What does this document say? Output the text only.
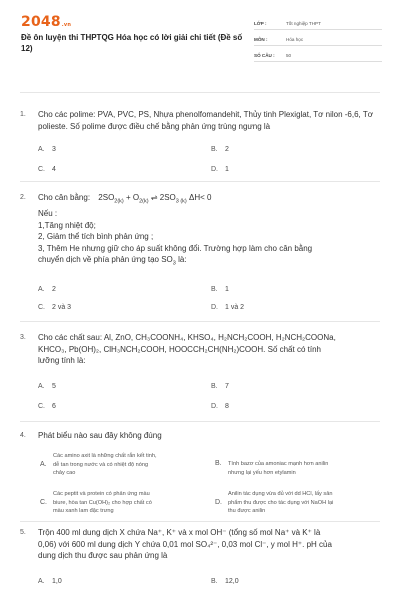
2048.vn
Đề ôn luyện thi THPTQG Hóa học có lời giải chi tiết (Đề số 12)
LỚP :	Tốt nghiệp THPT
MÔN :	Hóa học
SỐ CÂU :	50
1. Cho các polime: PVA, PVC, PS, Nhựa phenolfomandehit, Thủy tinh Plexiglat, Tơ nilon -6,6, Tơ polieste. Số polime được điều chế bằng phản ứng trùng ngưng là
A. 3	B. 2
C. 4	D. 1
2. Cho cân bằng: $2SO_{2(k)} + O_{2(k)}$ ⇌ $2SO_{3 (k)}$ ΔH< 0
Nếu :
1,Tăng nhiệt độ;
2, Giảm thể tích bình phản ứng ;
3, Thêm He nhưng giữ cho áp suất không đổi. Trường hợp làm cho cân bằng
chuyển dịch về phía phản ứng tạo $SO_3$ là:
A. 2	B. 1
C. 2 và 3	D. 1 và 2
3. Cho các chất sau: Al, ZnO, CH₃COONH₄, KHSO₄, H₂NCH₂COOH, H₂NCH₂COONa,
KHCO₃, Pb(OH)₂, ClH₃NCH₂COOH, HOOCCH₂CH(NH₂)COOH. Số chất có tính
lưỡng tính là:
A. 5	B. 7
C. 6	D. 8
4. Phát biểu nào sau đây không đúng
A.
Các amino axit là những chất rắn kết tinh,
dễ tan trong nước và có nhiệt độ nóng
chảy cao
B. Tính bazơ của amoniac mạnh hơn anilin
nhưng lại yếu hơn etylamin
C.
Các peptit và protein có phản ứng màu
biure, hòa tan Cu(OH)₂ cho hợp chất có
màu xanh lam đặc trưng
D.
Anilin tác dụng vừa đủ với dd HCl, lấy sản
phẩm thu được cho tác dụng với NaOH lại
thu được anilin
5. Trộn 400 ml dung dịch X chứa Na⁺, K⁺ và x mol OH⁻ (tổng số mol Na⁺ và K⁺ là
0,06) với 600 ml dung dịch Y chứa 0,01 mol SO₄²⁻, 0,03 mol Cl⁻, y mol H⁺. pH của
dung dịch thu được sau phản ứng là
A. 1,0	B. 12,0
